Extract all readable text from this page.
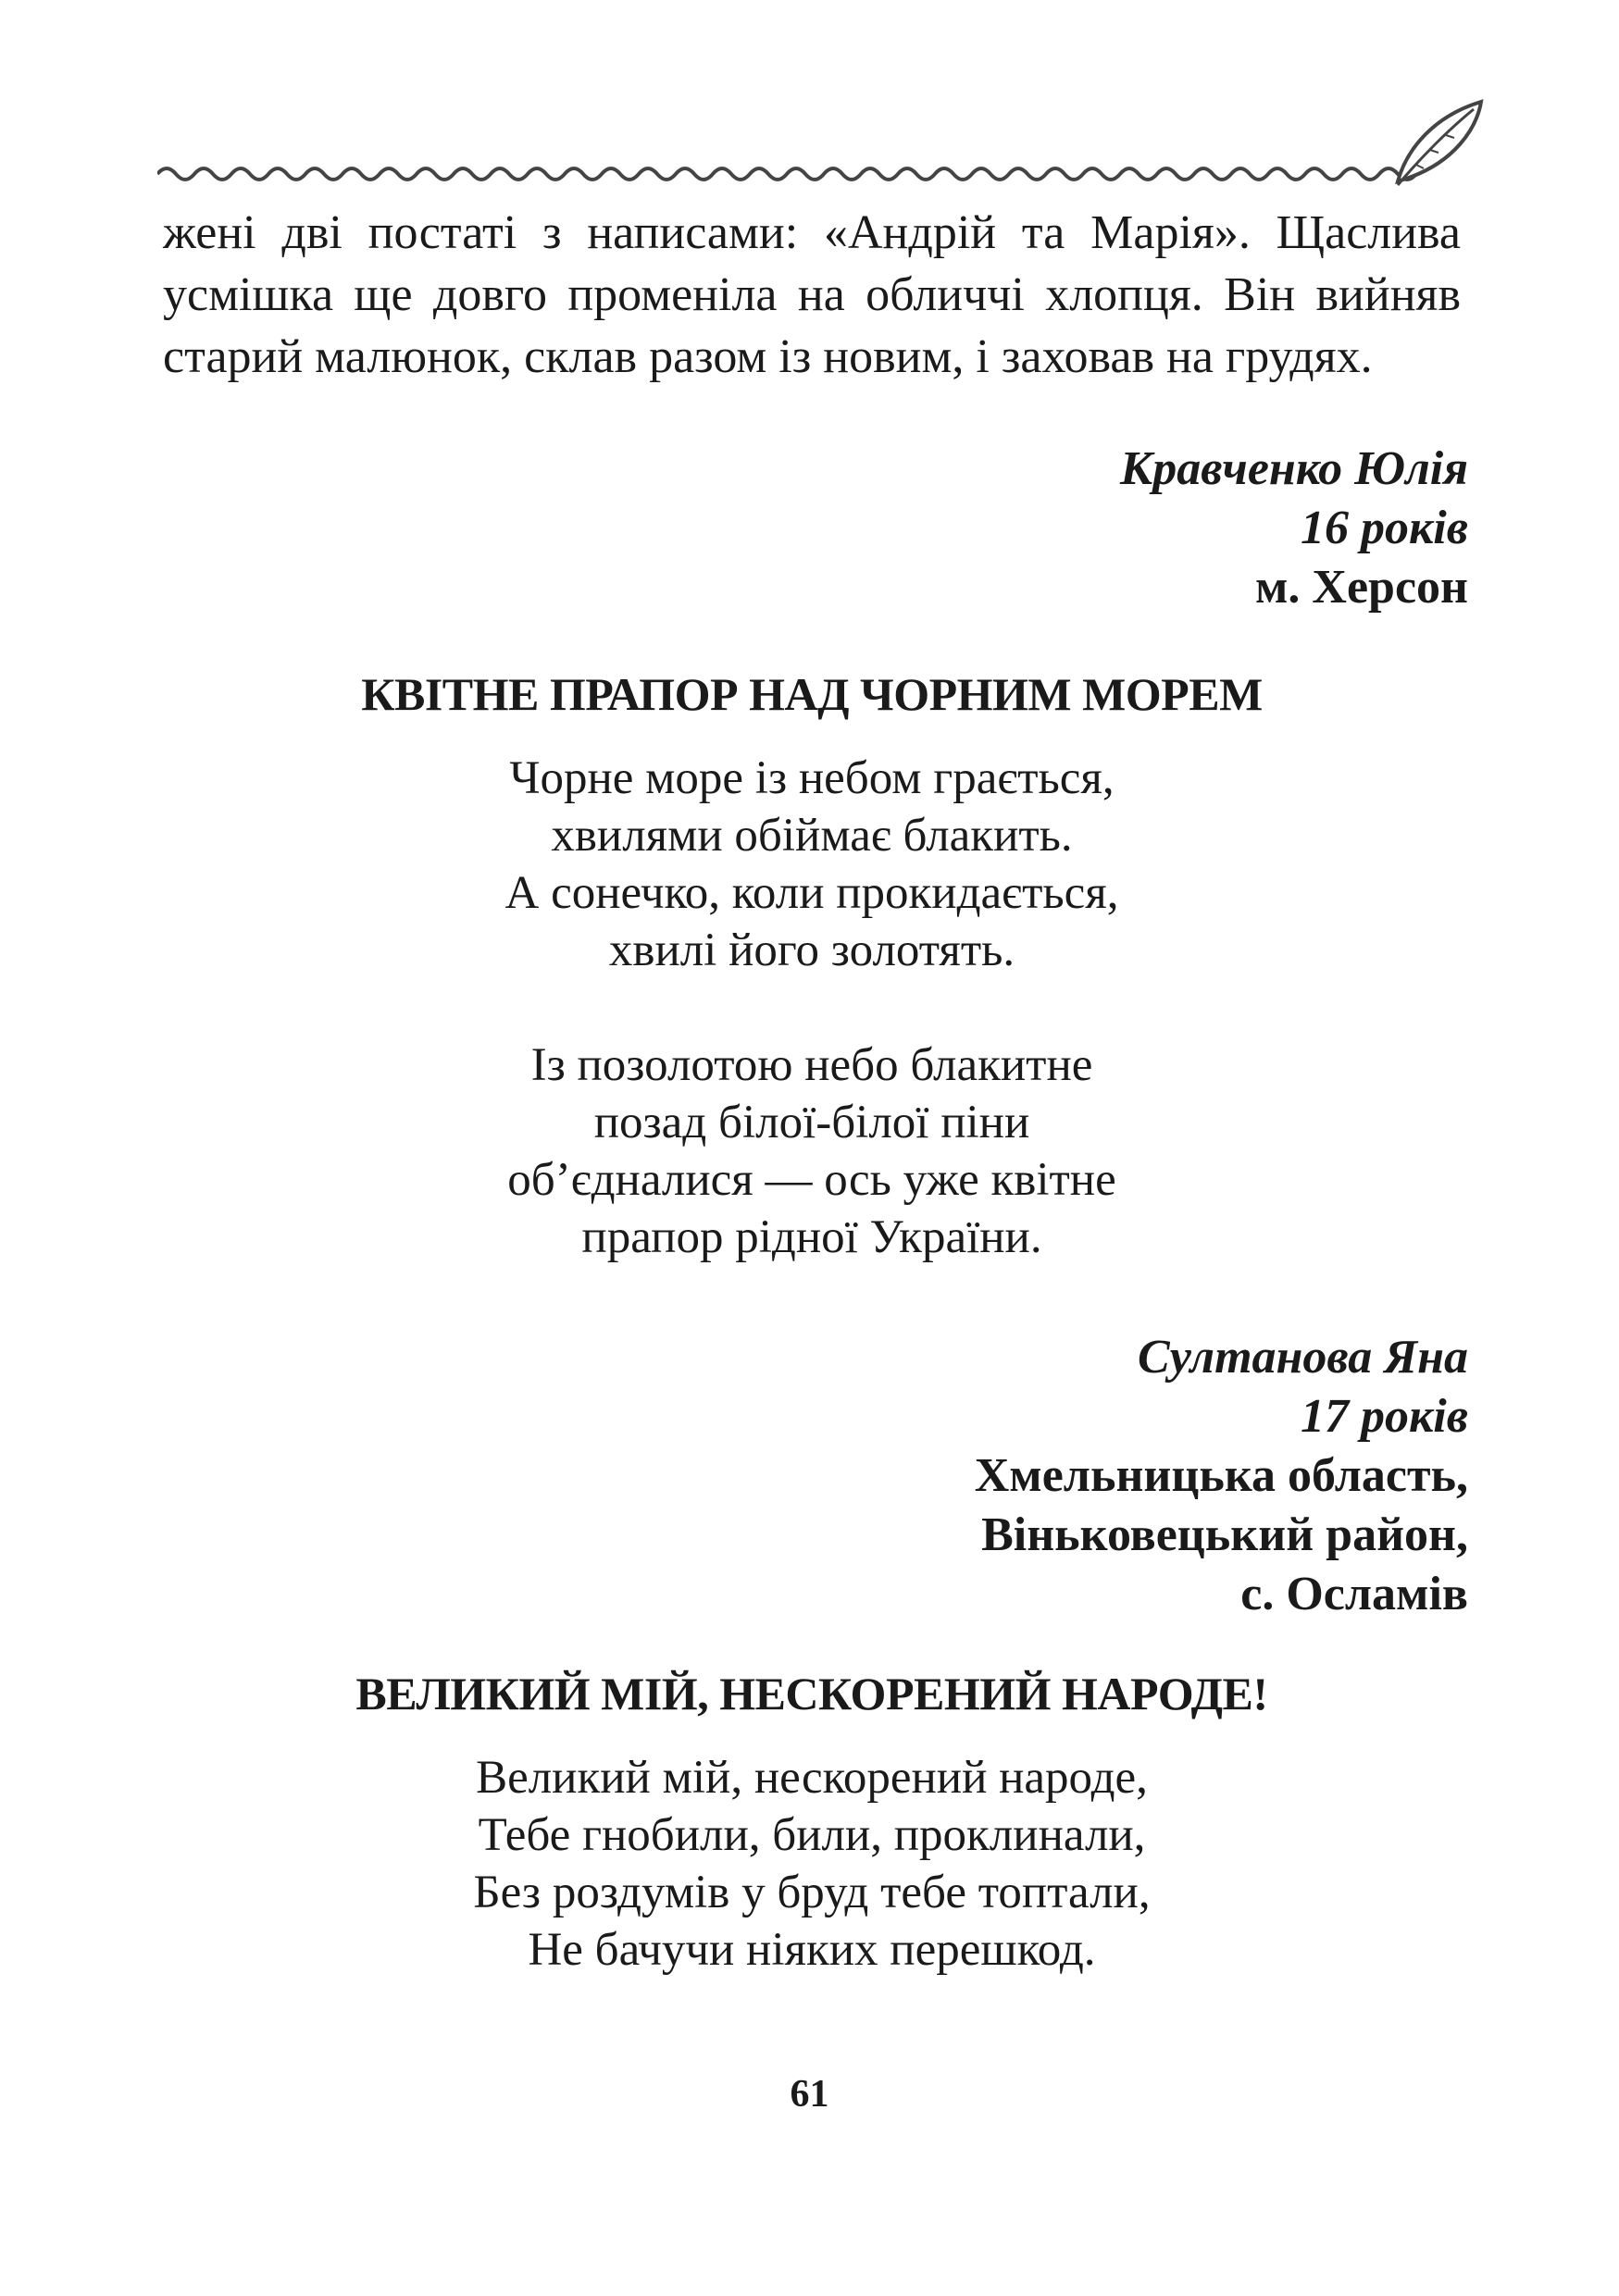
жені дві постаті з написами: «Андрій та Марія». Щаслива усмішка ще довго променіла на обличчі хлопця. Він вийняв старий малюнок, склав разом із новим, і заховав на грудях.

Кравченко Юлія
16 років
м. Херсон
КВІТНЕ ПРАПОР НАД ЧОРНИМ МОРЕМ
Чорне море із небом грається,
хвилями обіймає блакить.
А сонечко, коли прокидається,
хвилі його золотять.
Із позолотою небо блакитне
позад білої-білої піни
об’єдналися — ось уже квітне
прапор рідної України.
Султанова Яна
17 років
Хмельницька область,
Віньковецький район,
с. Осламів
ВЕЛИКИЙ МІЙ, НЕСКОРЕНИЙ НАРОДЕ!
Великий мій, нескорений народе,
Тебе гнобили, били, проклинали,
Без роздумів у бруд тебе топтали,
Не бачучи ніяких перешкод.
61
